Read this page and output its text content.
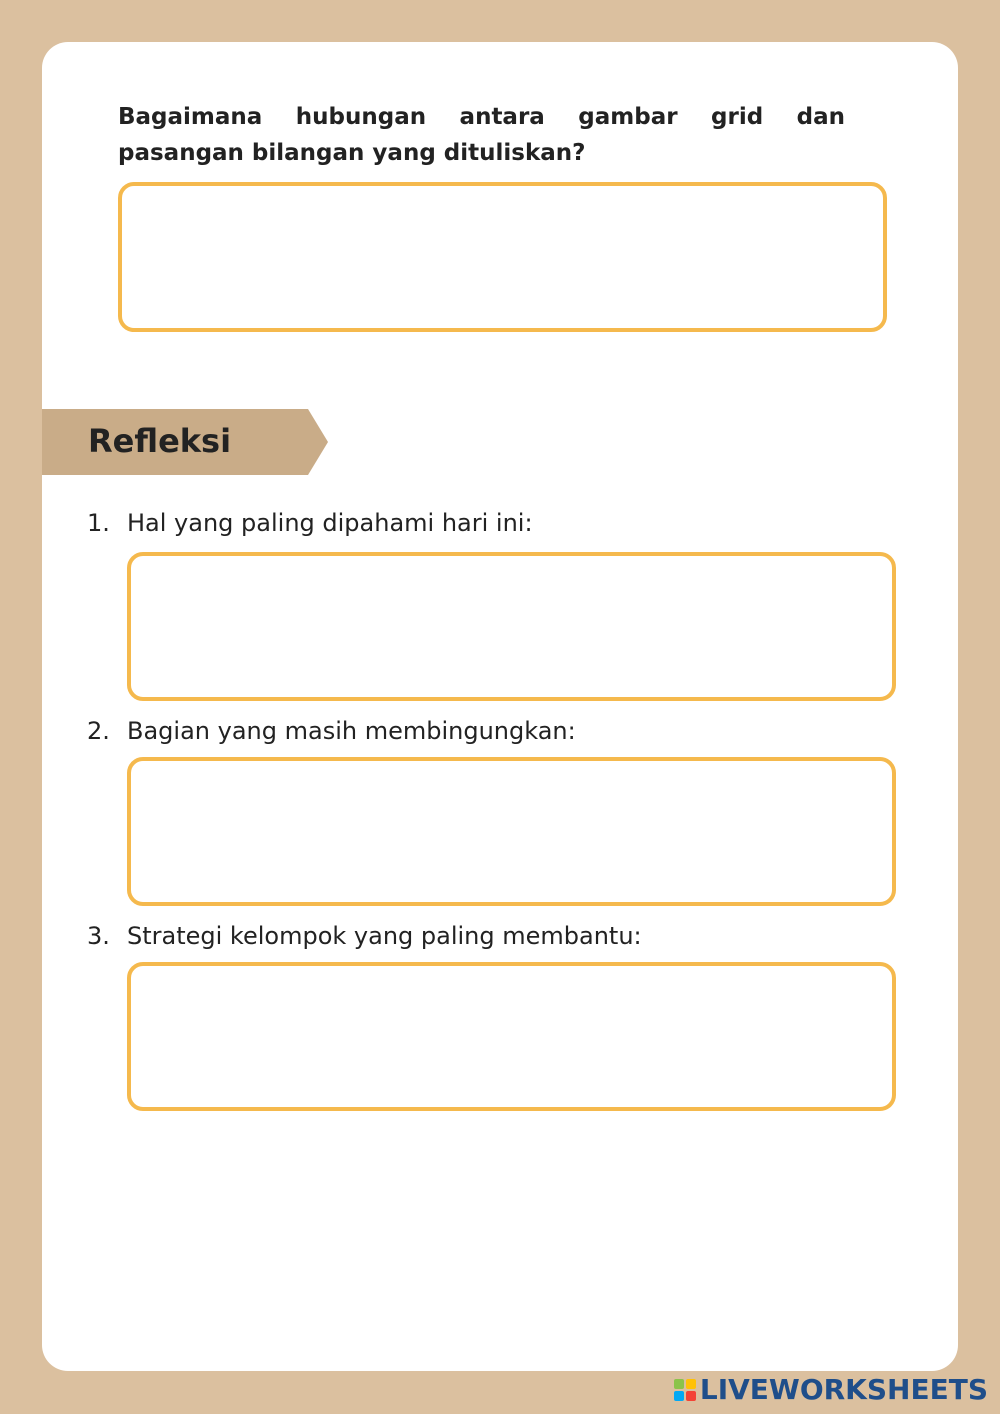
Bagaimana hubungan antara gambar grid dan pasangan bilangan yang dituliskan?

Refleksi
1. Hal yang paling dipahami hari ini:
2. Bagian yang masih membingungkan:
3. Strategi kelompok yang paling membantu:
LIVEWORKSHEETS
